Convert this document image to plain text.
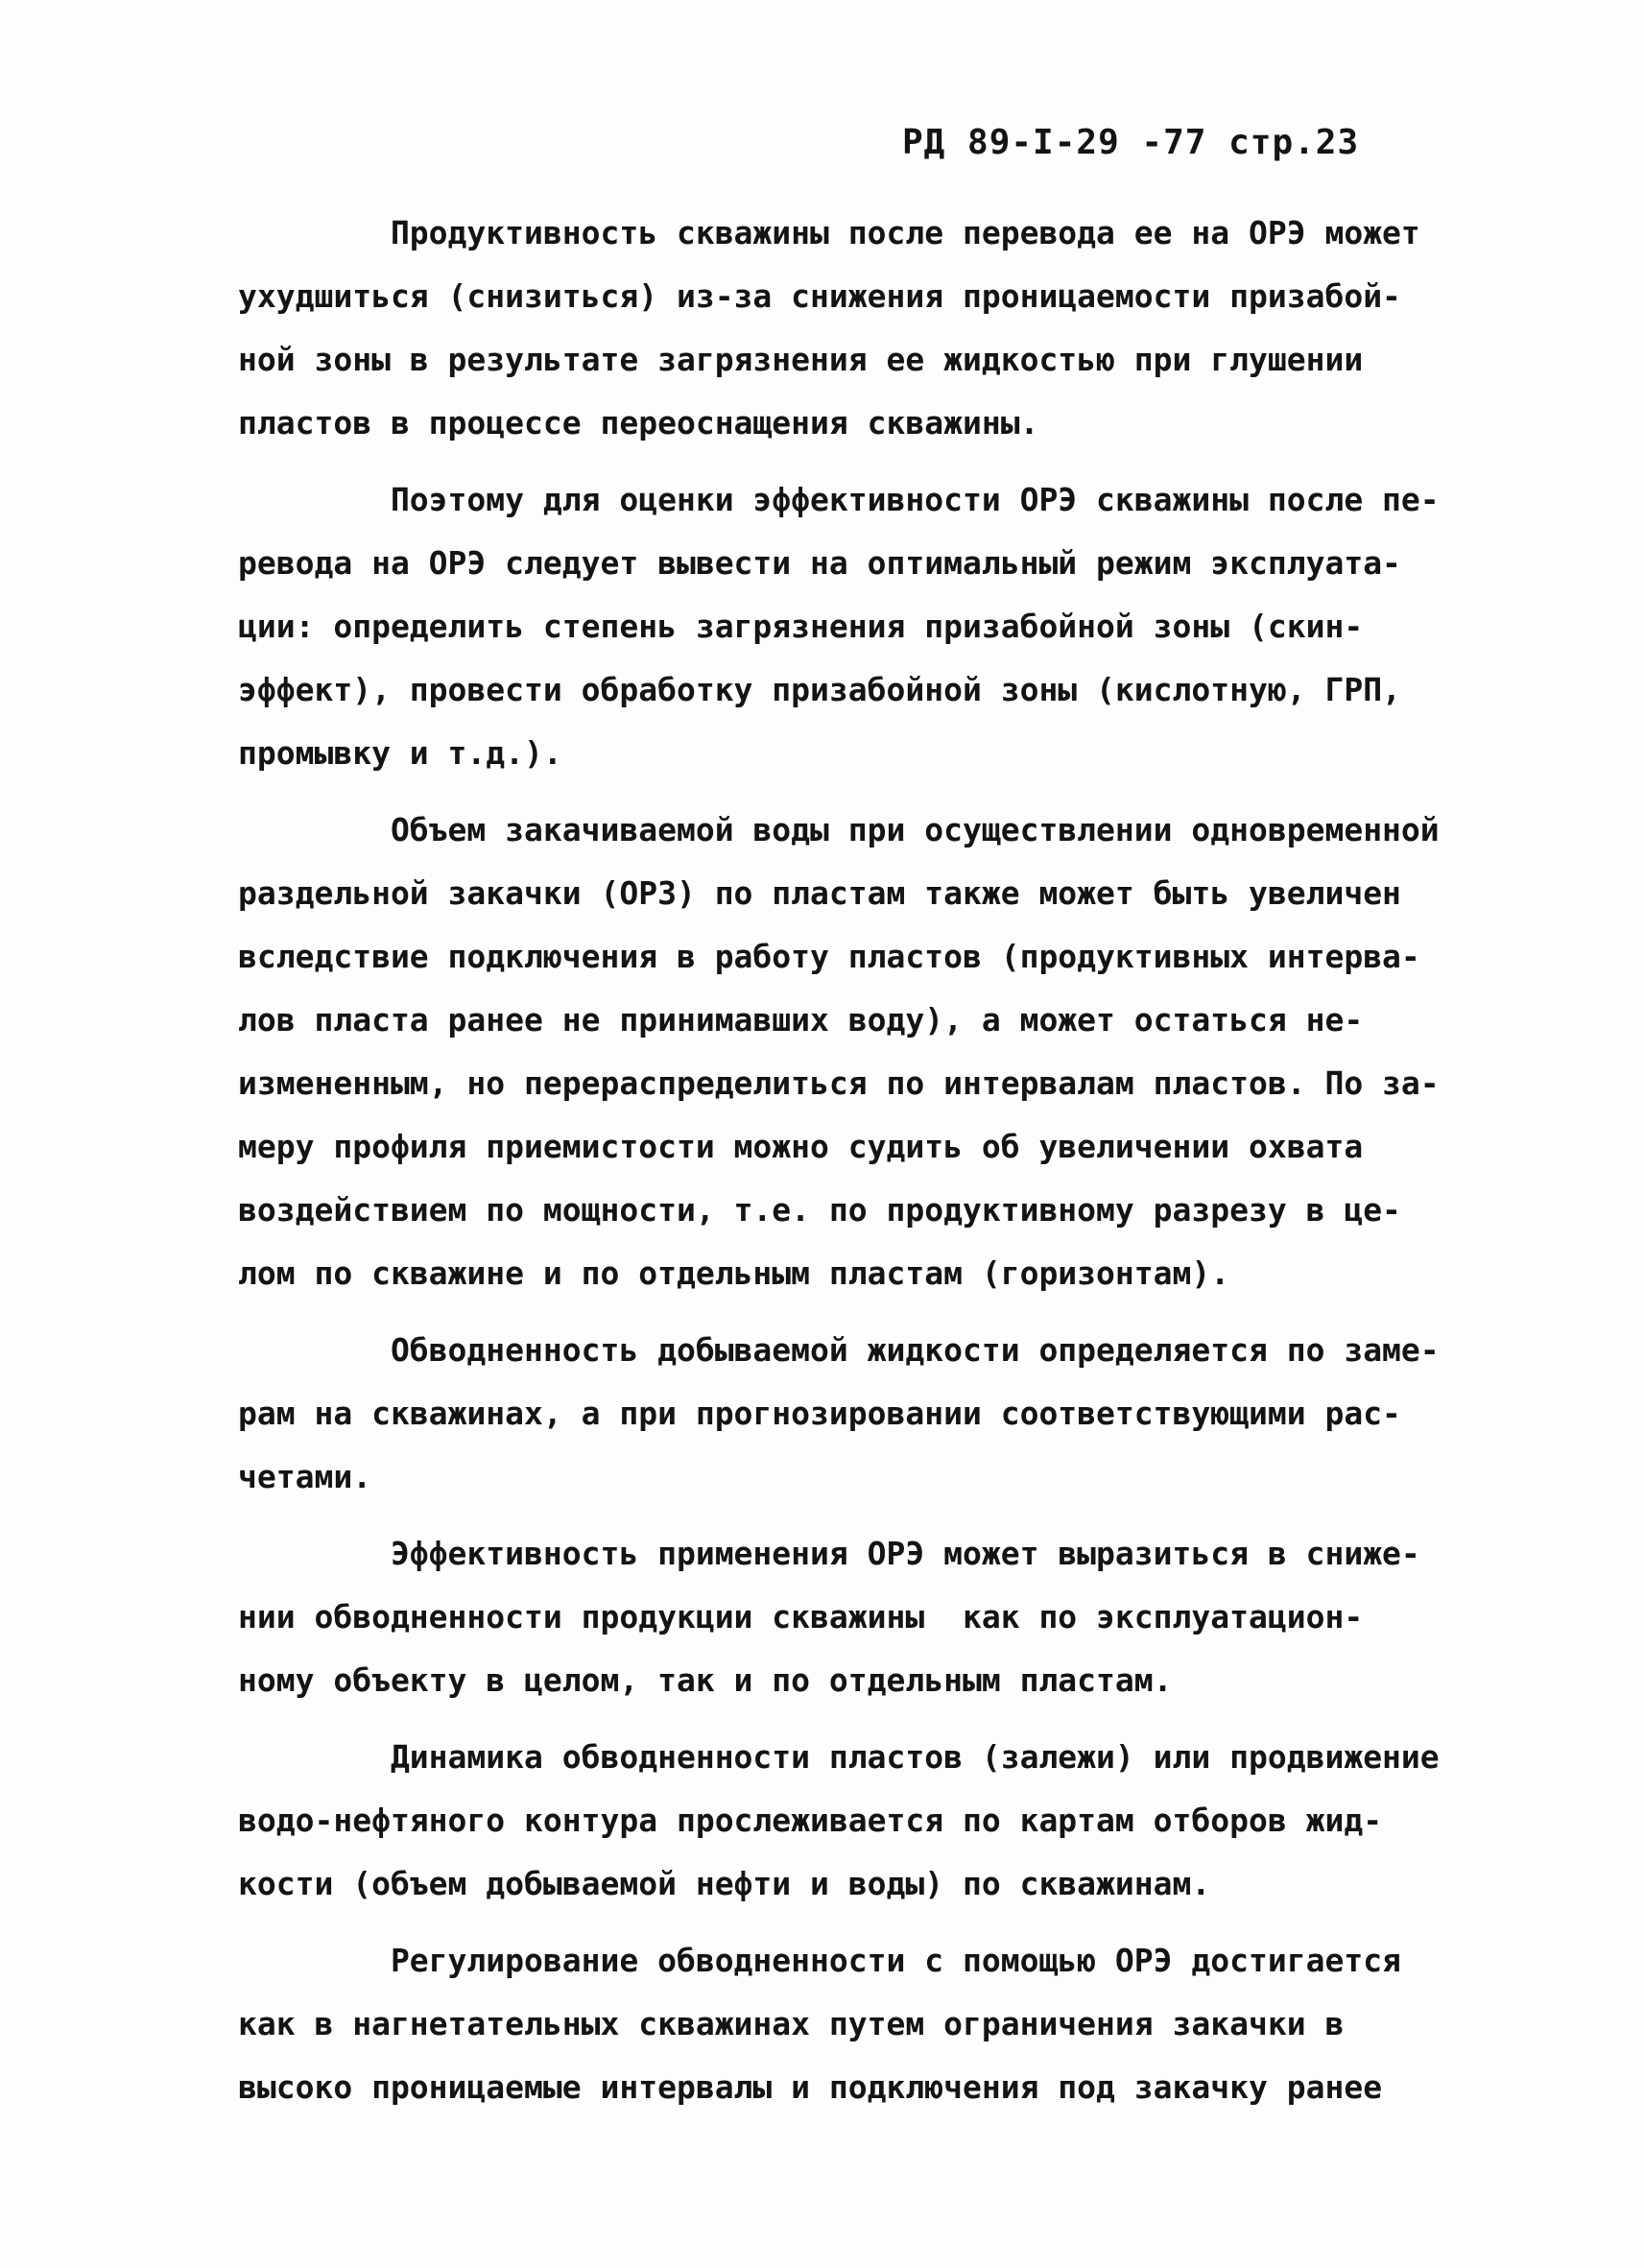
РД 89-I-29 -77 стр.23
Продуктивность скважины после перевода ее на ОРЭ может
ухудшиться (снизиться) из-за снижения проницаемости призабой-
ной зоны в результате загрязнения ее жидкостью при глушении
пластов в процессе переоснащения скважины.
Поэтому для оценки эффективности ОРЭ скважины после пе-
ревода на ОРЭ следует вывести на оптимальный режим эксплуата-
ции: определить степень загрязнения призабойной зоны (скин-
эффект), провести обработку призабойной зоны (кислотную, ГРП,
промывку и т.д.).
Объем закачиваемой воды при осуществлении одновременной
раздельной закачки (ОРЗ) по пластам также может быть увеличен
вследствие подключения в работу пластов (продуктивных интерва-
лов пласта ранее не принимавших воду), а может остаться не-
измененным, но перераспределиться по интервалам пластов. По за-
меру профиля приемистости можно судить об увеличении охвата
воздействием по мощности, т.е. по продуктивному разрезу в це-
лом по скважине и по отдельным пластам (горизонтам).
Обводненность добываемой жидкости определяется по заме-
рам на скважинах, а при прогнозировании соответствующими рас-
четами.
Эффективность применения ОРЭ может выразиться в сниже-
нии обводненности продукции скважины  как по эксплуатацион-
ному объекту в целом, так и по отдельным пластам.
Динамика обводненности пластов (залежи) или продвижение
водо-нефтяного контура прослеживается по картам отборов жид-
кости (объем добываемой нефти и воды) по скважинам.
Регулирование обводненности с помощью ОРЭ достигается
как в нагнетательных скважинах путем ограничения закачки в
высоко проницаемые интервалы и подключения под закачку ранее
